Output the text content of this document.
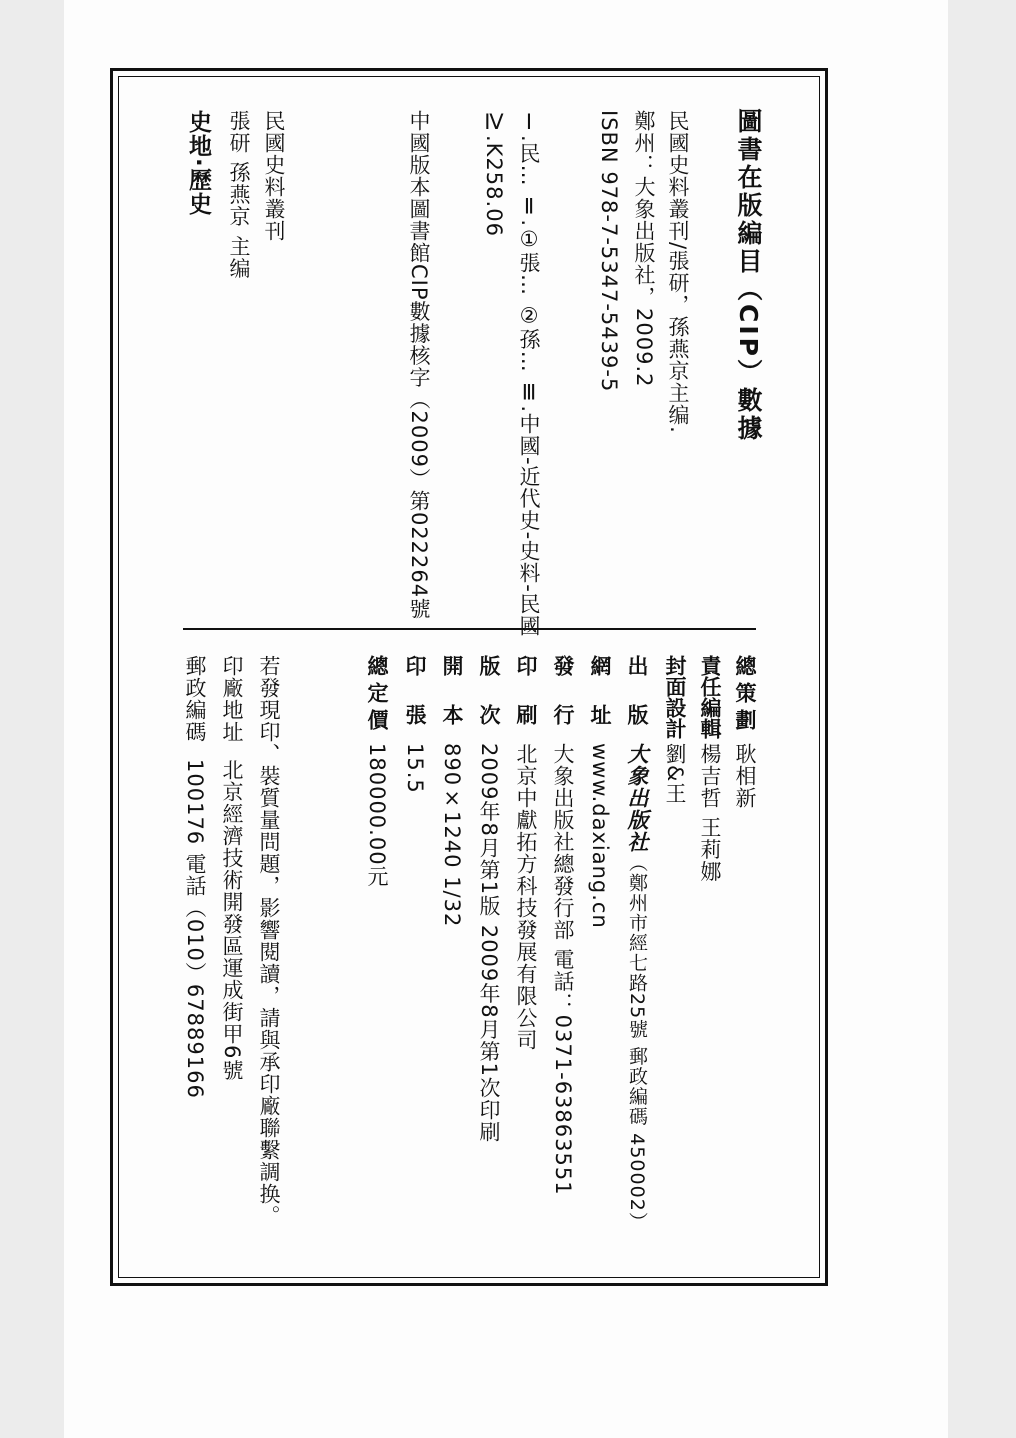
圖書在版編目（CIP）數據
民國史料叢刊/張研，孫燕京主编.
鄭州：大象出版社，2009.2
ISBN 978-7-5347-5439-5
Ⅰ.民… Ⅱ.①張… ②孫… Ⅲ.中國-近代史-史料-民國
Ⅳ.K258.06
中國版本圖書館CIP數據核字（2009）第022264號
民國史料叢刊
張研 孫燕京 主编
史地·歷史
總策劃耿相新
責任編輯楊吉哲 王莉娜
封面設計劉&王
出版大象出版社（鄭州市經七路25號 郵政編碼 450002）
網址www.daxiang.cn
發行大象出版社總發行部 電話：0371-63863551
印刷北京中獻拓方科技發展有限公司
版次2009年8月第1版 2009年8月第1次印刷
開本890×1240 1/32
印張15.5
總定價180000.00元
若發現印、裝質量問題，影響閱讀，請與承印廠聯繫調换。
印廠地址北京經濟技術開發區運成街甲6號
郵政編碼100176 電話（010）67889166
